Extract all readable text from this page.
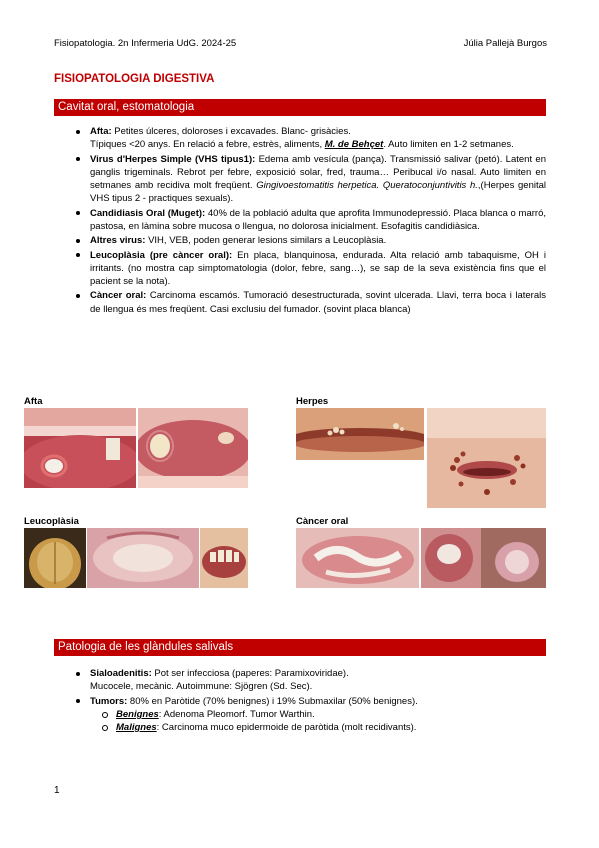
Fisiopatologia. 2n Infermeria UdG. 2024-25	Júlia Pallejà Burgos
FISIOPATOLOGIA DIGESTIVA
Cavitat oral, estomatologia
Afta: Petites úlceres, doloroses i excavades. Blanc- grisàcies.
Típiques <20 anys. En relació a febre, estrès, aliments, M. de Behçet. Auto limiten en 1-2 setmanes.
Virus d'Herpes Simple (VHS tipus1): Edema amb vesícula (pança). Transmissió salivar (petó). Latent en ganglis trigeminals. Rebrot per febre, exposició solar, fred, trauma… Peribucal i/o nasal. Auto limiten en setmanes amb recidiva molt freqüent. Gingivoestomatitis herpetica. Queratoconjuntivitis h.,(Herpes genital VHS tipus 2 - practiques sexuals).
Candidiasis Oral (Muget): 40% de la població adulta que aprofita Immunodepressió. Placa blanca o marró, pastosa, en làmina sobre mucosa o llengua, no dolorosa inicialment. Esofagitis candidiàsica.
Altres virus: VIH, VEB, poden generar lesions similars a Leucoplàsia.
Leucoplàsia (pre càncer oral): En placa, blanquinosa, endurada. Alta relació amb tabaquisme, OH i irritants. (no mostra cap simptomatologia (dolor, febre, sang…), se sap de la seva existència fins que el pacient se la nota).
Càncer oral: Carcinoma escamós. Tumoració desestructurada, sovint ulcerada. Llavi, terra boca i laterals de llengua és mes freqüent. Casi exclusiu del fumador. (sovint placa blanca)
Afta	Herpes
Leucoplàsia	Càncer oral
Patologia de les glàndules salivals
Sialoadenitis: Pot ser infecciosa (paperes: Paramixoviridae).
Mucocele, mecànic. Autoimmune: Sjögren (Sd. Sec).
Tumors: 80% en Paròtide (70% benignes) i 19% Submaxilar (50% benignes).
Benignes: Adenoma Pleomorf. Tumor Warthin.
Malignes: Carcinoma muco epidermoide de paròtida (molt recidivants).
1
